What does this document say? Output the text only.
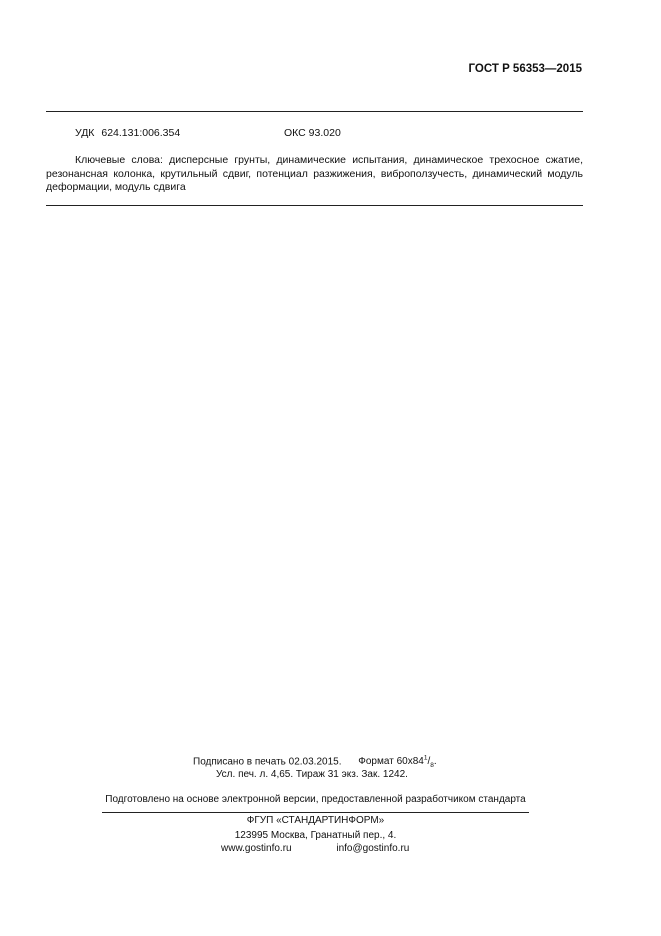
ГОСТ Р 56353—2015
УДК 624.131:006.354	ОКС 93.020
Ключевые слова: дисперсные грунты, динамические испытания, динамическое трехосное сжатие, резонансная колонка, крутильный сдвиг, потенциал разжижения, виброползучесть, динамический модуль деформации, модуль сдвига
Подписано в печать 02.03.2015. Формат $60x84^1/_8$.
Усл. печ. л. 4,65. Тираж 31 экз. Зак. 1242.
Подготовлено на основе электронной версии, предоставленной разработчиком стандарта
ФГУП «СТАНДАРТИНФОРМ»
123995 Москва, Гранатный пер., 4.
www.gostinfo.ru	info@gostinfo.ru
